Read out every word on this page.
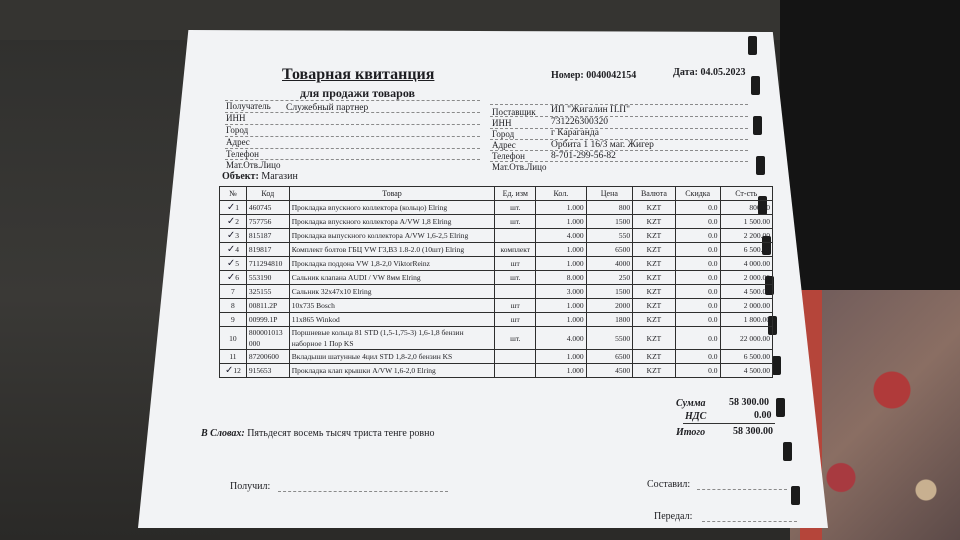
Товарная квитанция
для продажи товаров
Номер: 0040042154	Дата: 04.05.2023
Получатель Служебный партнер
ИНН
Город
Адрес
Телефон
Мат.Отв.Лицо
Поставщик ИП "Жигалин П.П"
ИНН	731226300320
Город	г Караганда
Адрес	Орбита 1 16/3 маг. Жигер
Телефон	8-701-299-56-82
Мат.Отв.Лицо
Объект: Магазин
№	Код	Товар	Ед. изм	Кол.	Цена	Валюта	Скидка	Ст-сть
✓1	460745	Прокладка впускного коллектора (кольцо) Elring	шт.	1.000	800	KZT	0.0	800.00
✓2	757756	Прокладка впускного коллектора A/VW 1,8 Elring	шт.	1.000	1500	KZT	0.0	1 500.00
✓3	815187	Прокладка выпускного коллектора A/VW 1,6-2,5 Elring		4.000	550	KZT	0.0	2 200.00
✓4	819817	Комплект болтов ГБЦ VW Г3,В3 1.8-2.0 (10шт) Elring	комплект	1.000	6500	KZT	0.0	6 500.00
✓5	711294810	Прокладка поддона VW 1,8-2,0 ViktorReinz	шт	1.000	4000	KZT	0.0	4 000.00
✓6	553190	Сальник клапана AUDI / VW 8мм Elring	шт.	8.000	250	KZT	0.0	2 000.00
7	325155	Сальник 32х47х10 Elring		3.000	1500	KZT	0.0	4 500.00
8	00811.2P	10х735 Bosch	шт	1.000	2000	KZT	0.0	2 000.00
9	00999.1P	11х865 Winkod	шт	1.000	1800	KZT	0.0	1 800.00
10	800001013 000	Поршневые кольца 81 STD (1,5-1,75-3) 1,6-1,8 бензин наборное 1 Пор KS	шт.	4.000	5500	KZT	0.0	22 000.00
11	87200600	Вкладыши шатунные 4цил STD 1,8-2,0 бензин KS		1.000	6500	KZT	0.0	6 500.00
✓12	915653	Прокладка клап крышки A/VW 1,6-2,0 Elring		1.000	4500	KZT	0.0	4 500.00
Сумма 58 300.00
НДС	0.00
Итого	58 300.00
В Словах: Пятьдесят восемь тысяч триста тенге ровно
Получил:	Составил:
Передал:
